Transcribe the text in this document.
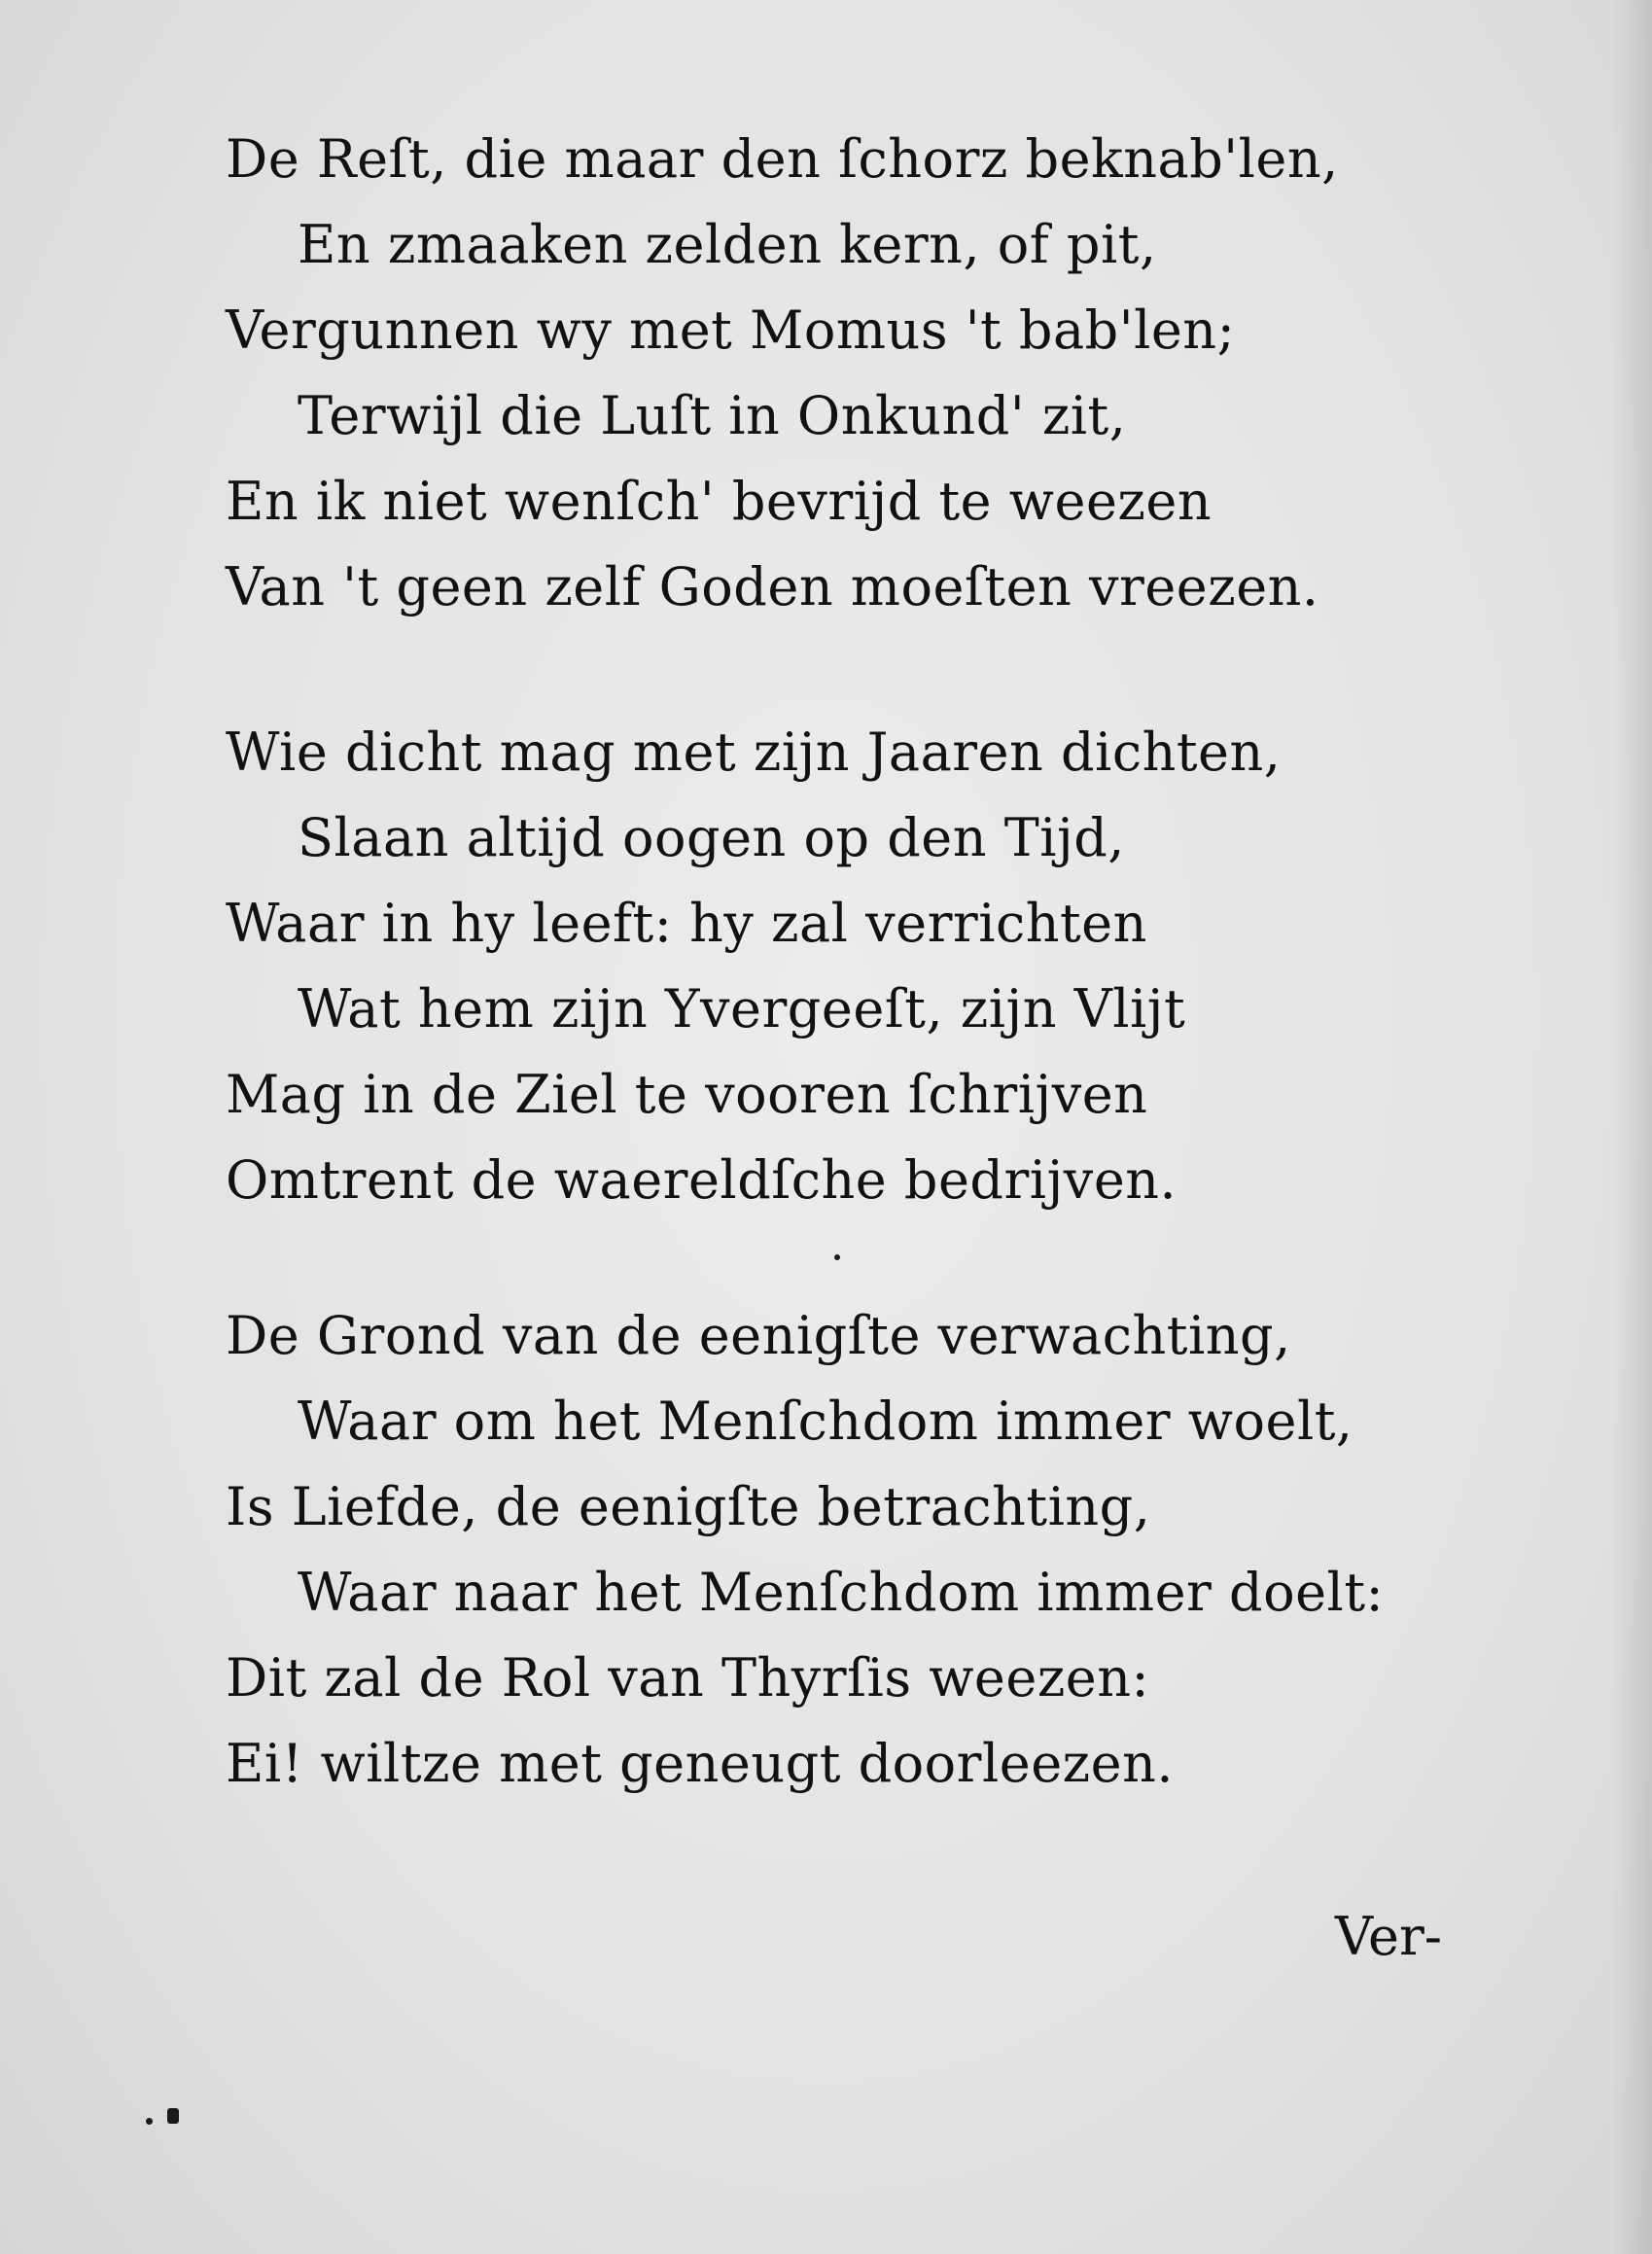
De Reſt, die maar den ſchorz beknab'len,
En zmaaken zelden kern, of pit,
Vergunnen wy met Momus 't bab'len;
Terwijl die Luſt in Onkund' zit,
En ik niet wenſch' bevrijd te weezen
Van 't geen zelf Goden moeſten vreezen.
Wie dicht mag met zijn Jaaren dichten,
Slaan altijd oogen op den Tijd,
Waar in hy leeft: hy zal verrichten
Wat hem zijn Yvergeeſt, zijn Vlijt
Mag in de Ziel te vooren ſchrijven
Omtrent de waereldſche bedrijven.
De Grond van de eenigſte verwachting,
Waar om het Menſchdom immer woelt,
Is Liefde, de eenigſte betrachting,
Waar naar het Menſchdom immer doelt:
Dit zal de Rol van Thyrſis weezen:
Ei! wiltze met geneugt doorleezen.
Ver-
